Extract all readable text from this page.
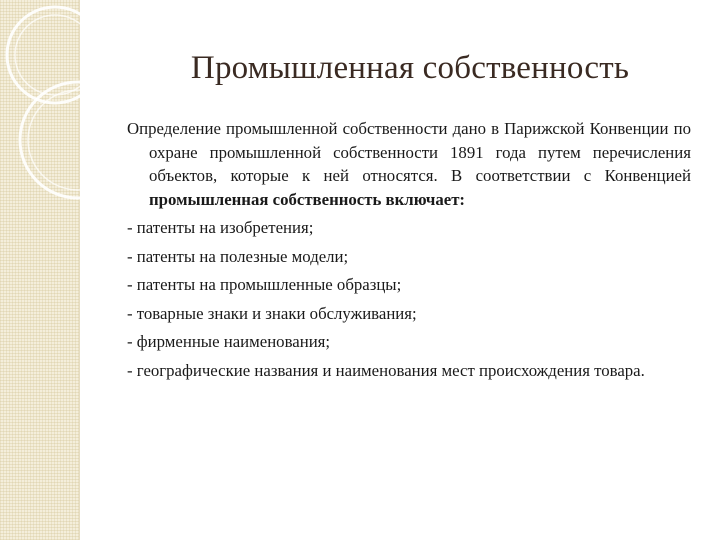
Промышленная собственность

Определение промышленной собственности дано в Парижской Конвенции по охране промышленной собственности 1891 года путем перечисления объектов, которые к ней относятся. В соответствии с Конвенцией промышленная собственность включает:

- патенты на изобретения;

- патенты на полезные модели;

- патенты на промышленные образцы;

- товарные знаки и знаки обслуживания;

- фирменные наименования;

- географические названия и наименования мест происхождения товара.
